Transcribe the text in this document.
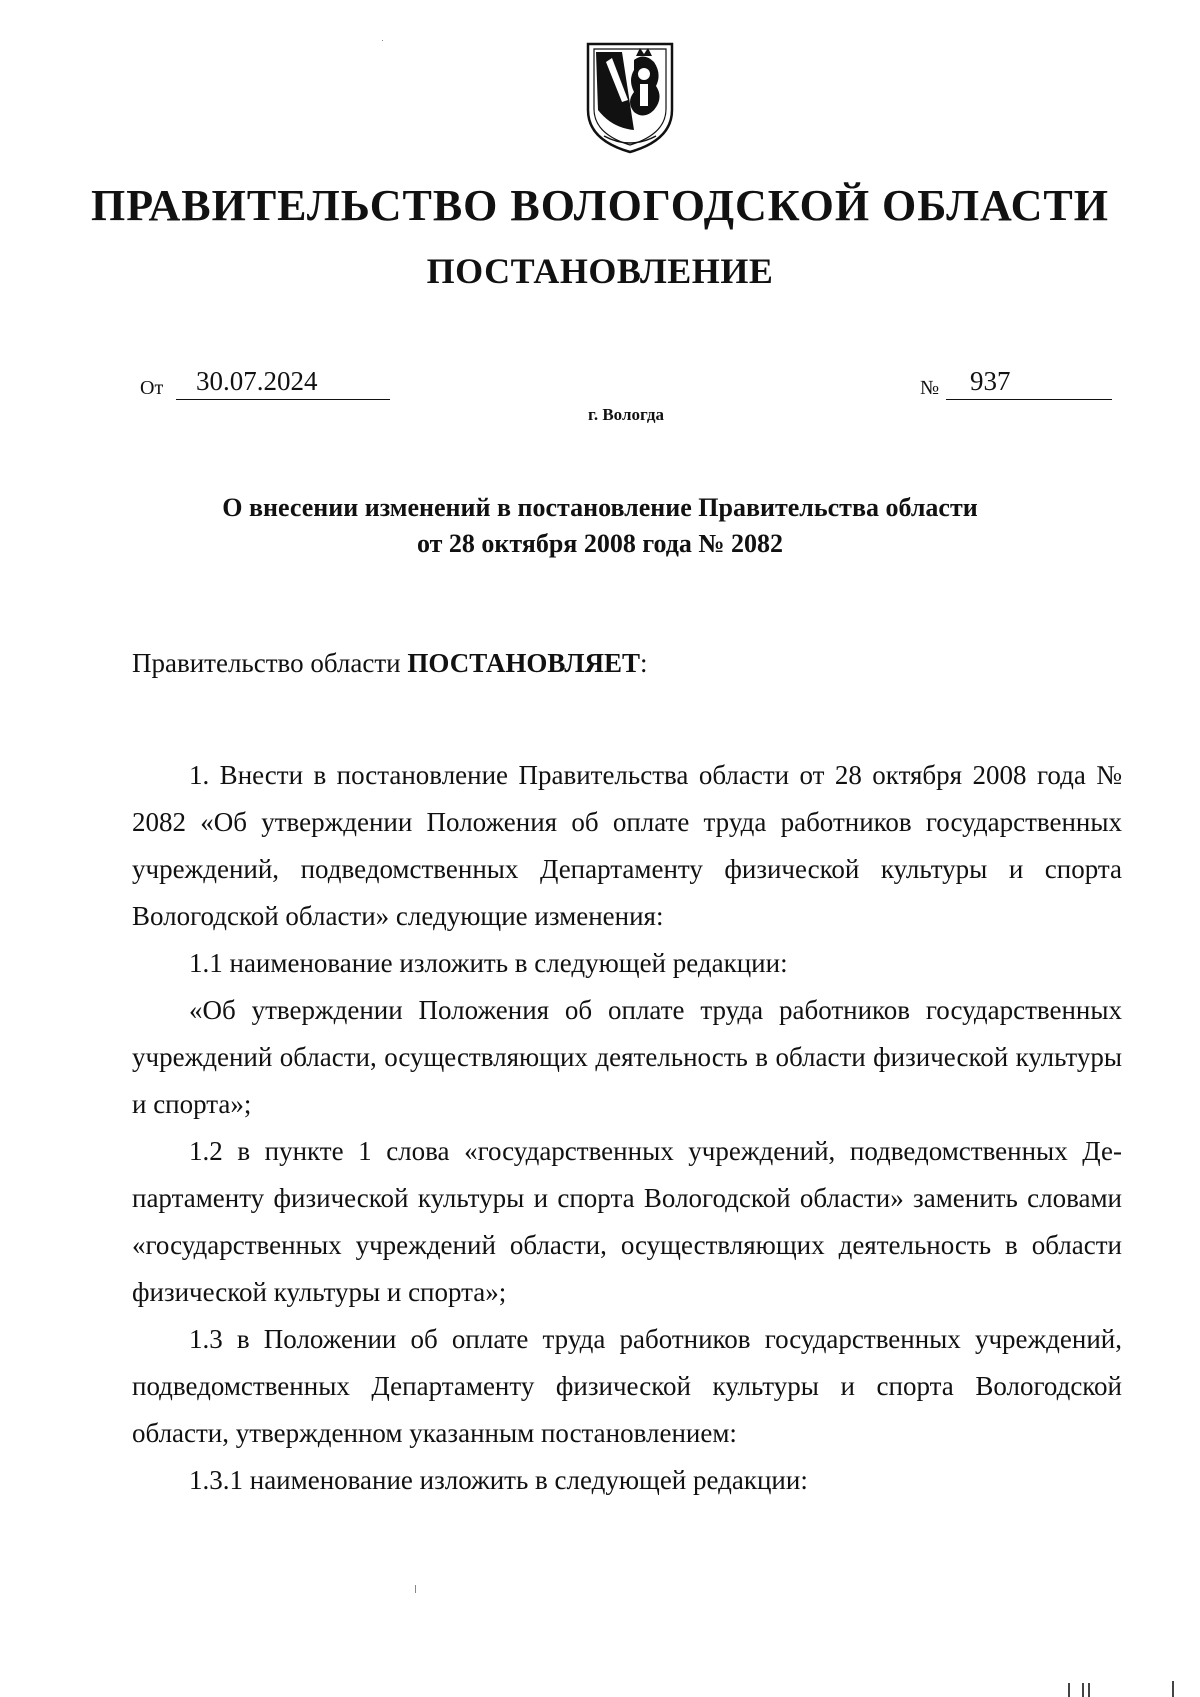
ПРАВИТЕЛЬСТВО ВОЛОГОДСКОЙ ОБЛАСТИ
ПОСТАНОВЛЕНИЕ
От	30.07.2024	№	937
г. Вологда
О внесении изменений в постановление Правительства области
от 28 октября 2008 года № 2082
Правительство области ПОСТАНОВЛЯЕТ:

1. Внести в постановление Правительства области от 28 октября 2008 года № 2082 «Об утверждении Положения об оплате труда работников государственных учреждений, подведомственных Департаменту физической культуры и спорта Вологодской области» следующие изменения:

1.1 наименование изложить в следующей редакции:

«Об утверждении Положения об оплате труда работников государственных учреждений области, осуществляющих деятельность в области физической культуры и спорта»;

1.2 в пункте 1 слова «государственных учреждений, подведомственных Департаменту физической культуры и спорта Вологодской области» заменить словами «государственных учреждений области, осуществляющих деятельность в области физической культуры и спорта»;

1.3 в Положении об оплате труда работников государственных учреждений, подведомственных Департаменту физической культуры и спорта Вологодской области, утвержденном указанным постановлением:

1.3.1 наименование изложить в следующей редакции:
